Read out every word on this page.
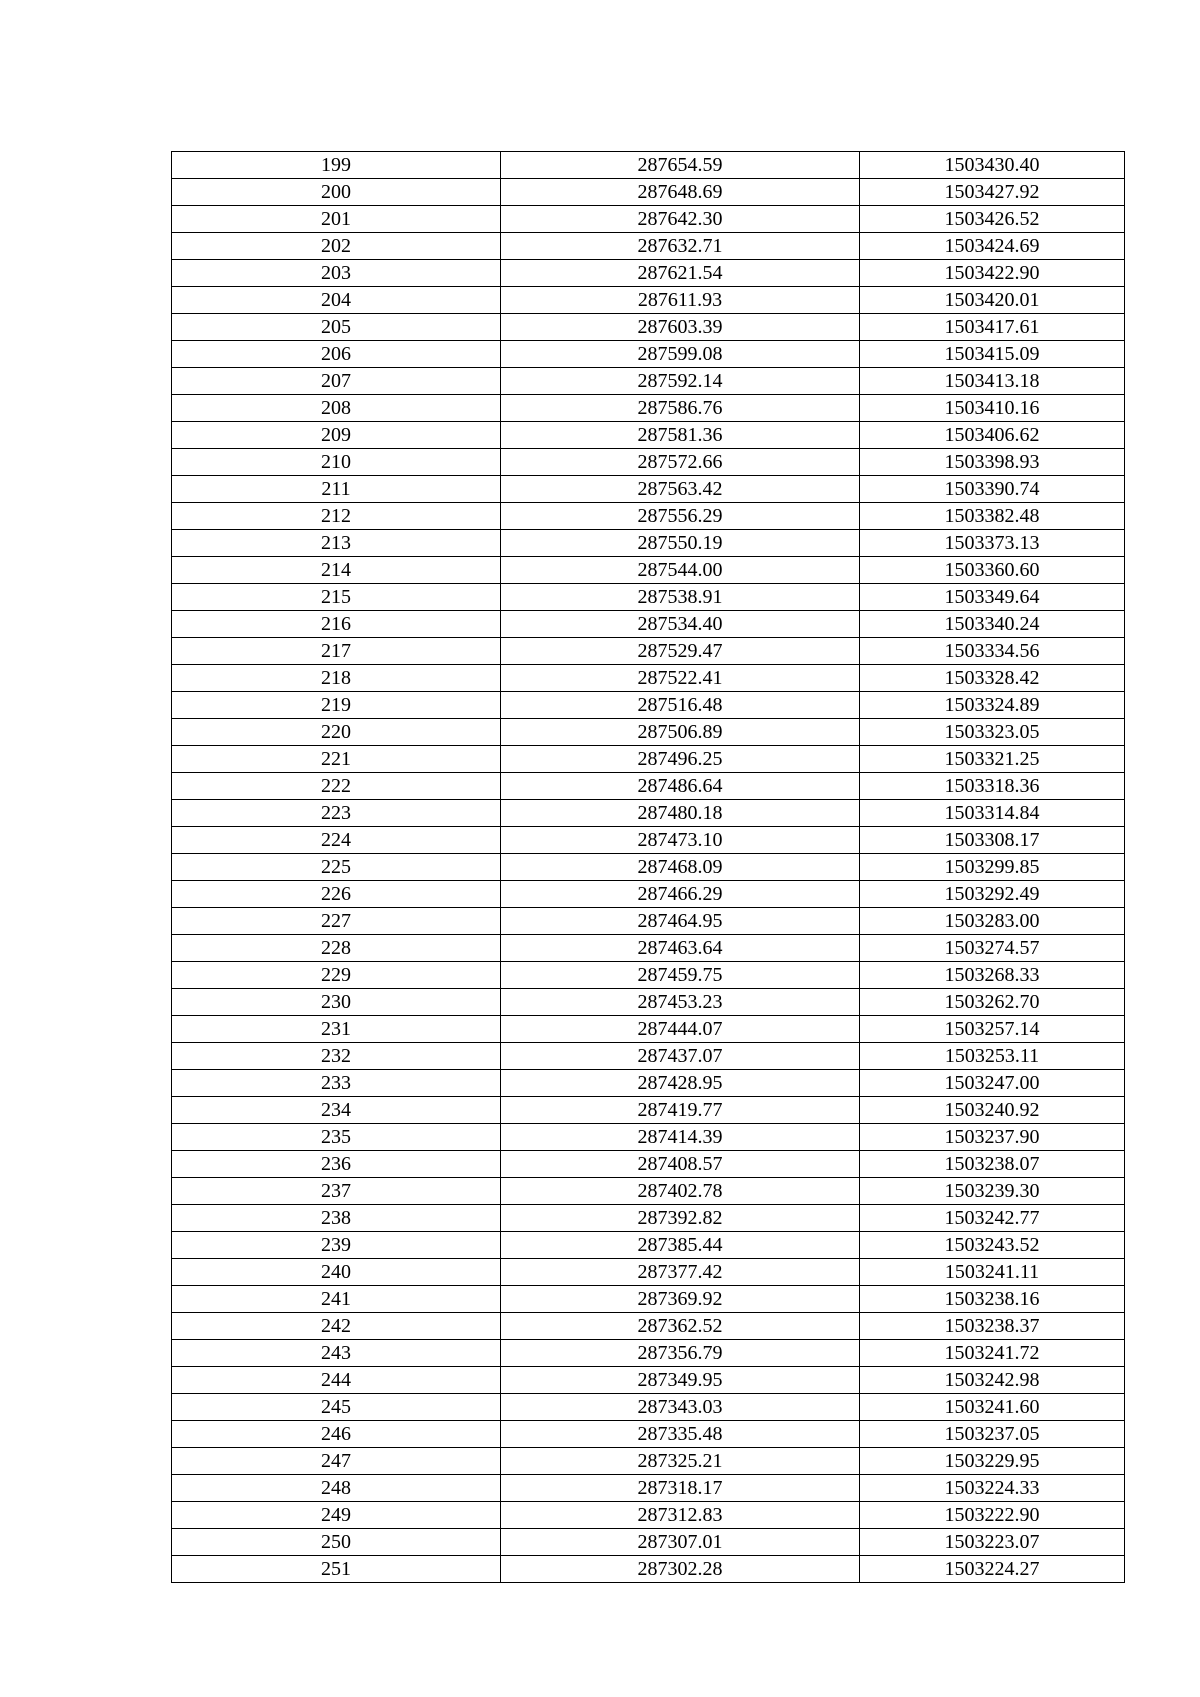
199	287654.59	1503430.40
200	287648.69	1503427.92
201	287642.30	1503426.52
202	287632.71	1503424.69
203	287621.54	1503422.90
204	287611.93	1503420.01
205	287603.39	1503417.61
206	287599.08	1503415.09
207	287592.14	1503413.18
208	287586.76	1503410.16
209	287581.36	1503406.62
210	287572.66	1503398.93
211	287563.42	1503390.74
212	287556.29	1503382.48
213	287550.19	1503373.13
214	287544.00	1503360.60
215	287538.91	1503349.64
216	287534.40	1503340.24
217	287529.47	1503334.56
218	287522.41	1503328.42
219	287516.48	1503324.89
220	287506.89	1503323.05
221	287496.25	1503321.25
222	287486.64	1503318.36
223	287480.18	1503314.84
224	287473.10	1503308.17
225	287468.09	1503299.85
226	287466.29	1503292.49
227	287464.95	1503283.00
228	287463.64	1503274.57
229	287459.75	1503268.33
230	287453.23	1503262.70
231	287444.07	1503257.14
232	287437.07	1503253.11
233	287428.95	1503247.00
234	287419.77	1503240.92
235	287414.39	1503237.90
236	287408.57	1503238.07
237	287402.78	1503239.30
238	287392.82	1503242.77
239	287385.44	1503243.52
240	287377.42	1503241.11
241	287369.92	1503238.16
242	287362.52	1503238.37
243	287356.79	1503241.72
244	287349.95	1503242.98
245	287343.03	1503241.60
246	287335.48	1503237.05
247	287325.21	1503229.95
248	287318.17	1503224.33
249	287312.83	1503222.90
250	287307.01	1503223.07
251	287302.28	1503224.27
